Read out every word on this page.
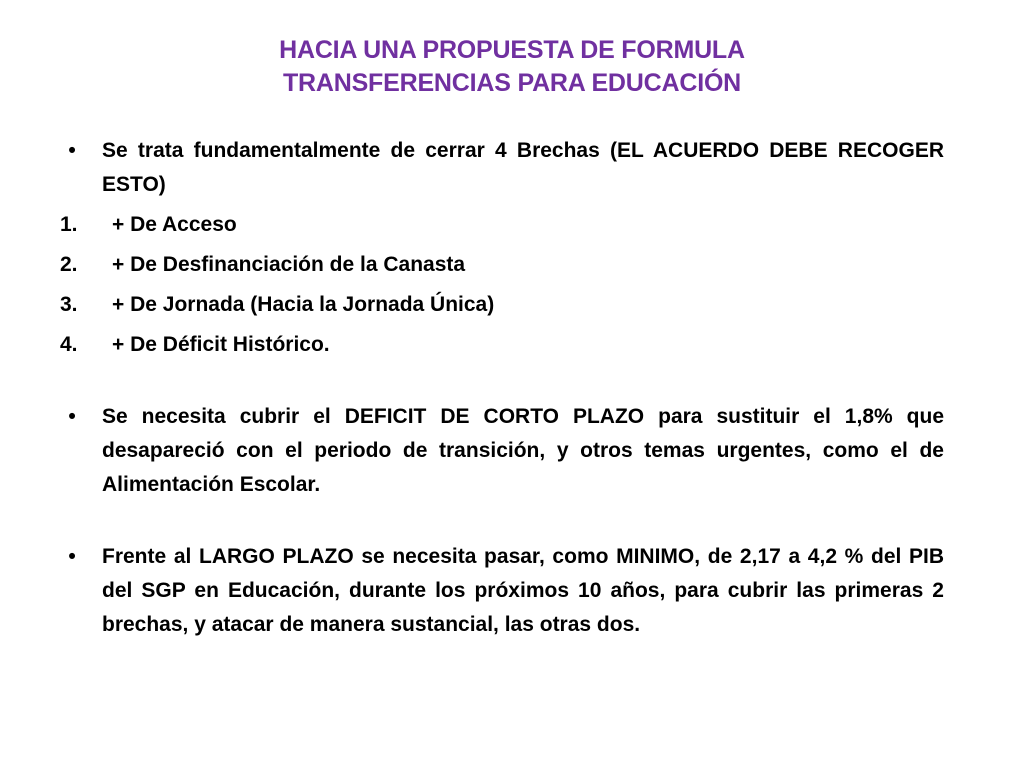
HACIA UNA PROPUESTA DE FORMULA
TRANSFERENCIAS PARA EDUCACIÓN
•	Se trata fundamentalmente de cerrar 4 Brechas (EL ACUERDO DEBE RECOGER ESTO)
1. + De Acceso
2. + De Desfinanciación de la Canasta
3. + De Jornada (Hacia la Jornada Única)
4. + De Déficit Histórico.
•	Se necesita cubrir el DEFICIT DE CORTO PLAZO para sustituir el 1,8% que desapareció con el periodo de transición, y otros temas urgentes, como el de Alimentación Escolar.
•	Frente al LARGO PLAZO se necesita pasar, como MINIMO, de 2,17 a 4,2 % del PIB del SGP en Educación, durante los próximos 10 años, para cubrir las primeras 2 brechas, y atacar de manera sustancial, las otras dos.
